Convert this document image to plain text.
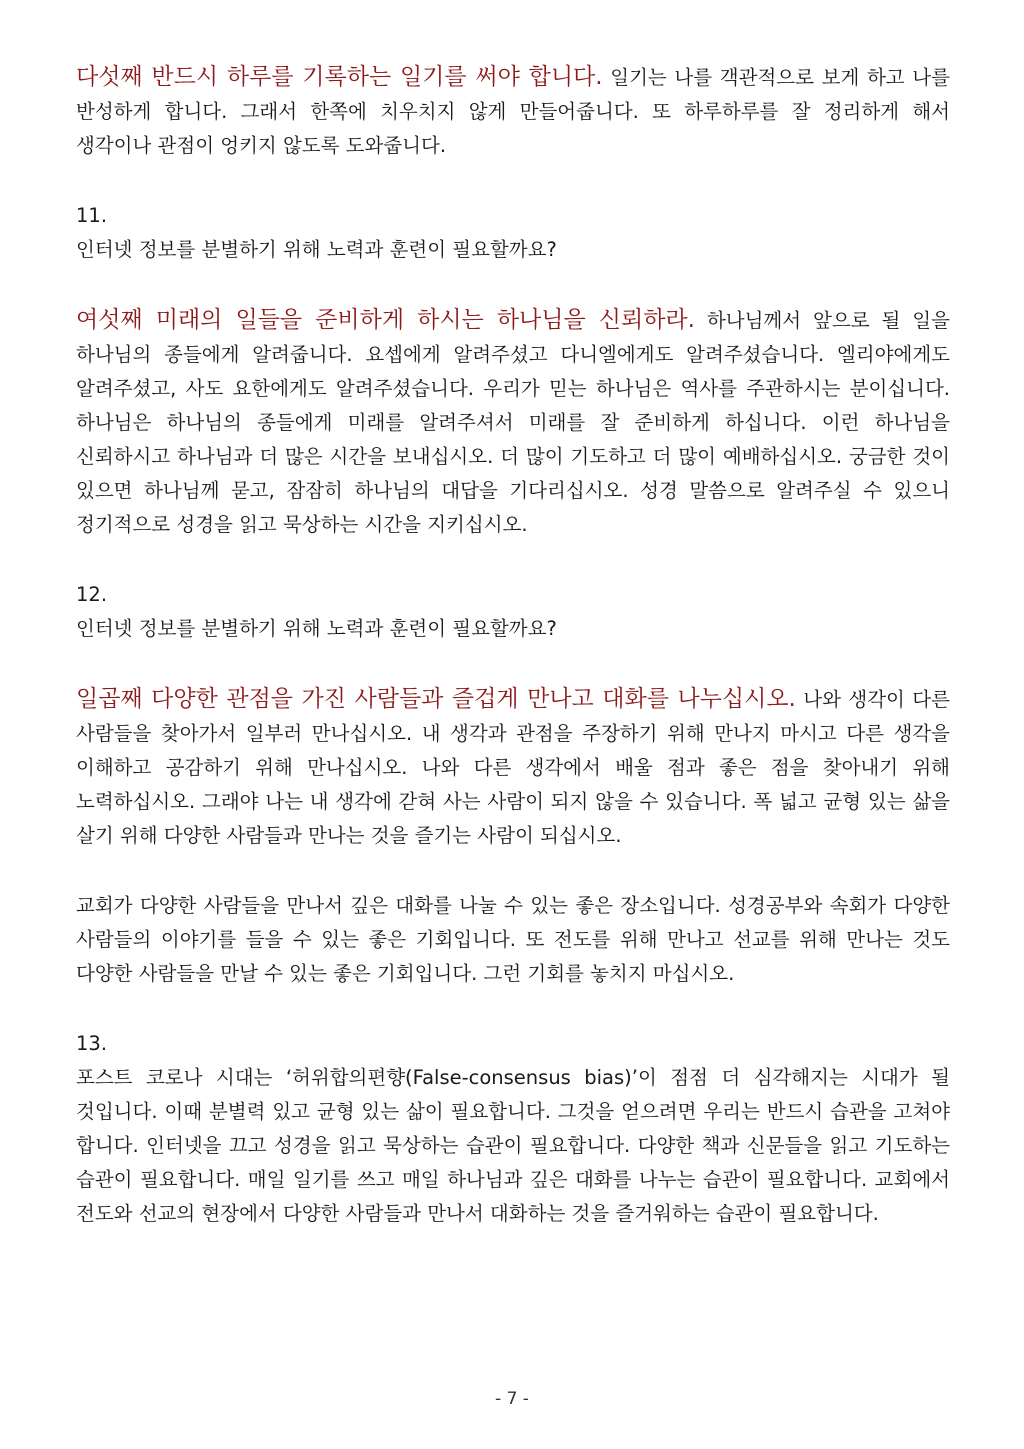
다섯째 반드시 하루를 기록하는 일기를 써야 합니다. 일기는 나를 객관적으로 보게 하고 나를 반성하게 합니다. 그래서 한쪽에 치우치지 않게 만들어줍니다. 또 하루하루를 잘 정리하게 해서 생각이나 관점이 엉키지 않도록 도와줍니다.

11.

인터넷 정보를 분별하기 위해 노력과 훈련이 필요할까요?

여섯째 미래의 일들을 준비하게 하시는 하나님을 신뢰하라. 하나님께서 앞으로 될 일을 하나님의 종들에게 알려줍니다. 요셉에게 알려주셨고 다니엘에게도 알려주셨습니다. 엘리야에게도 알려주셨고, 사도 요한에게도 알려주셨습니다. 우리가 믿는 하나님은 역사를 주관하시는 분이십니다. 하나님은 하나님의 종들에게 미래를 알려주셔서 미래를 잘 준비하게 하십니다. 이런 하나님을 신뢰하시고 하나님과 더 많은 시간을 보내십시오. 더 많이 기도하고 더 많이 예배하십시오. 궁금한 것이 있으면 하나님께 묻고, 잠잠히 하나님의 대답을 기다리십시오. 성경 말씀으로 알려주실 수 있으니 정기적으로 성경을 읽고 묵상하는 시간을 지키십시오.

12.

인터넷 정보를 분별하기 위해 노력과 훈련이 필요할까요?

일곱째 다양한 관점을 가진 사람들과 즐겁게 만나고 대화를 나누십시오. 나와 생각이 다른 사람들을 찾아가서 일부러 만나십시오. 내 생각과 관점을 주장하기 위해 만나지 마시고 다른 생각을 이해하고 공감하기 위해 만나십시오. 나와 다른 생각에서 배울 점과 좋은 점을 찾아내기 위해 노력하십시오. 그래야 나는 내 생각에 갇혀 사는 사람이 되지 않을 수 있습니다. 폭 넓고 균형 있는 삶을 살기 위해 다양한 사람들과 만나는 것을 즐기는 사람이 되십시오.

교회가 다양한 사람들을 만나서 깊은 대화를 나눌 수 있는 좋은 장소입니다. 성경공부와 속회가 다양한 사람들의 이야기를 들을 수 있는 좋은 기회입니다. 또 전도를 위해 만나고 선교를 위해 만나는 것도 다양한 사람들을 만날 수 있는 좋은 기회입니다. 그런 기회를 놓치지 마십시오.

13.

포스트 코로나 시대는 ‘허위합의편향(False-consensus bias)’이 점점 더 심각해지는 시대가 될 것입니다. 이때 분별력 있고 균형 있는 삶이 필요합니다. 그것을 얻으려면 우리는 반드시 습관을 고쳐야 합니다. 인터넷을 끄고 성경을 읽고 묵상하는 습관이 필요합니다. 다양한 책과 신문들을 읽고 기도하는 습관이 필요합니다. 매일 일기를 쓰고 매일 하나님과 깊은 대화를 나누는 습관이 필요합니다. 교회에서 전도와 선교의 현장에서 다양한 사람들과 만나서 대화하는 것을 즐거워하는 습관이 필요합니다.

- 7 -
